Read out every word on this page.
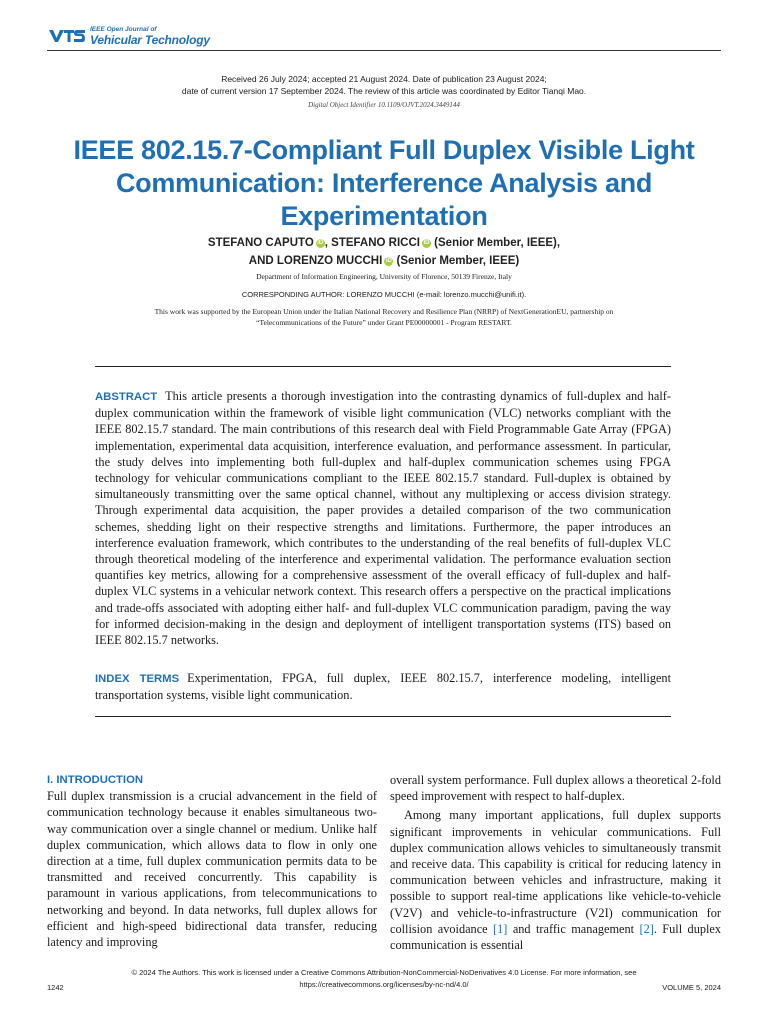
IEEE Open Journal of
Vehicular Technology
Received 26 July 2024; accepted 21 August 2024. Date of publication 23 August 2024;
date of current version 17 September 2024. The review of this article was coordinated by Editor Tianqi Mao.
Digital Object Identifier 10.1109/OJVT.2024.3449144
IEEE 802.15.7-Compliant Full Duplex Visible Light Communication: Interference Analysis and Experimentation
STEFANO CAPUTO iD , STEFANO RICCI iD (Senior Member, IEEE),
AND LORENZO MUCCHI iD (Senior Member, IEEE)
Department of Information Engineering, University of Florence, 50139 Firenze, Italy
CORRESPONDING AUTHOR: LORENZO MUCCHI (e-mail: lorenzo.mucchi@unifi.it).
This work was supported by the European Union under the Italian National Recovery and Resilience Plan (NRRP) of NextGenerationEU, partnership on
“Telecommunications of the Future” under Grant PE00000001 - Program RESTART.
ABSTRACT This article presents a thorough investigation into the contrasting dynamics of full-duplex and half-duplex communication within the framework of visible light communication (VLC) networks compliant with the IEEE 802.15.7 standard. The main contributions of this research deal with Field Programmable Gate Array (FPGA) implementation, experimental data acquisition, interference evaluation, and performance assessment. In particular, the study delves into implementing both full-duplex and half-duplex communication schemes using FPGA technology for vehicular communications compliant to the IEEE 802.15.7 standard. Full-duplex is obtained by simultaneously transmitting over the same optical channel, without any multiplexing or access division strategy. Through experimental data acquisition, the paper provides a detailed comparison of the two communication schemes, shedding light on their respective strengths and limitations. Furthermore, the paper introduces an interference evaluation framework, which contributes to the understanding of the real benefits of full-duplex VLC through theoretical modeling of the interference and experimental validation. The performance evaluation section quantifies key metrics, allowing for a comprehensive assessment of the overall efficacy of full-duplex and half-duplex VLC systems in a vehicular network context. This research offers a perspective on the practical implications and trade-offs associated with adopting either half- and full-duplex VLC communication paradigm, paving the way for informed decision-making in the design and deployment of intelligent transportation systems (ITS) based on IEEE 802.15.7 networks.
INDEX TERMS Experimentation, FPGA, full duplex, IEEE 802.15.7, interference modeling, intelligent transportation systems, visible light communication.
I. INTRODUCTION

Full duplex transmission is a crucial advancement in the field of communication technology because it enables simultaneous two-way communication over a single channel or medium. Unlike half duplex communication, which allows data to flow in only one direction at a time, full duplex communication permits data to be transmitted and received concurrently. This capability is paramount in various applications, from telecommunications to networking and beyond. In data networks, full duplex allows for efficient and high-speed bidirectional data transfer, reducing latency and improving

overall system performance. Full duplex allows a theoretical 2-fold speed improvement with respect to half-duplex.

Among many important applications, full duplex supports significant improvements in vehicular communications. Full duplex communication allows vehicles to simultaneously transmit and receive data. This capability is critical for reducing latency in communication between vehicles and infrastructure, making it possible to support real-time applications like vehicle-to-vehicle (V2V) and vehicle-to-infrastructure (V2I) communication for collision avoidance [1] and traffic management [2]. Full duplex communication is essential

© 2024 The Authors. This work is licensed under a Creative Commons Attribution-NonCommercial-NoDerivatives 4.0 License. For more information, see
https://creativecommons.org/licenses/by-nc-nd/4.0/
1242	VOLUME 5, 2024
